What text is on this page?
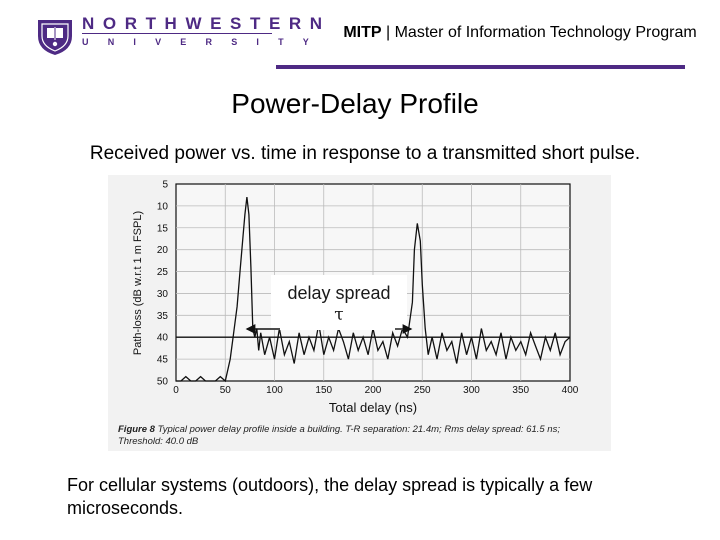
NORTHWESTERN
UNIVERSITY
MITP | Master of Information Technology Program
Power-Delay Profile
Received power vs. time in response to a transmitted short pulse.
0	50	100	150	200	250	300	350	400
5
10
15
20
25
30
35
40
45
50
Path-loss (dB w.r.t 1 m FSPL)
Total delay (ns)
Figure 8 Typical power delay profile inside a building. T-R separation: 21.4m; Rms delay spread: 61.5 ns; Threshold: 40.0 dB
delay spread
τ
For cellular systems (outdoors), the delay spread is typically a few microseconds.
